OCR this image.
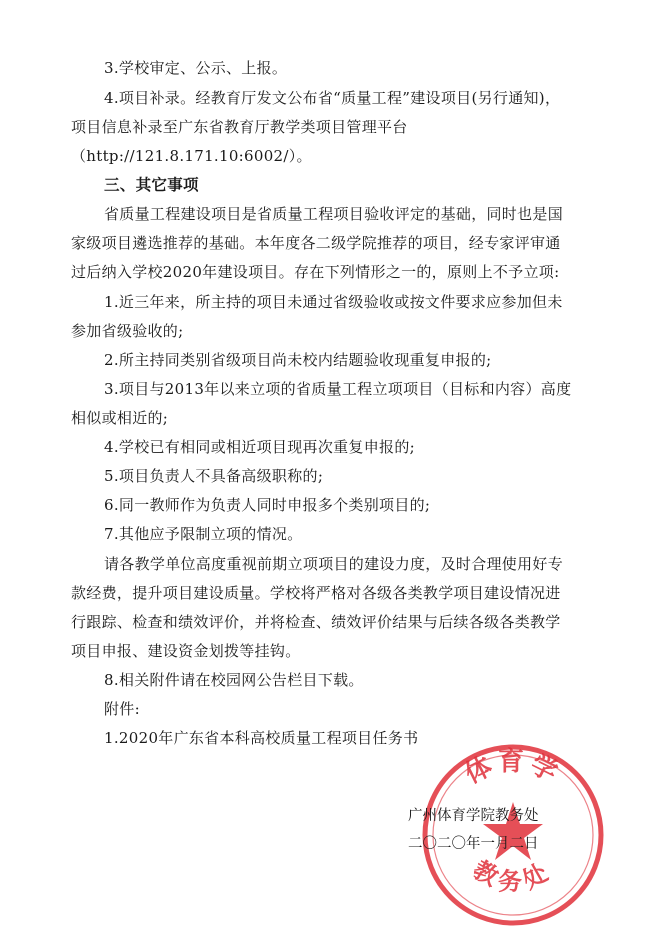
3.学校审定、公示、上报。
4.项目补录。经教育厅发文公布省“质量工程”建设项目(另行通知)，
项目信息补录至广东省教育厅教学类项目管理平台
（http://121.8.171.10:6002/）。
三、其它事项
省质量工程建设项目是省质量工程项目验收评定的基础，同时也是国
家级项目遴选推荐的基础。本年度各二级学院推荐的项目，经专家评审通
过后纳入学校2020年建设项目。存在下列情形之一的，原则上不予立项:
1.近三年来，所主持的项目未通过省级验收或按文件要求应参加但未
参加省级验收的;
2.所主持同类别省级项目尚未校内结题验收现重复申报的;
3.项目与2013年以来立项的省质量工程立项项目（目标和内容）高度
相似或相近的;
4.学校已有相同或相近项目现再次重复申报的;
5.项目负责人不具备高级职称的;
6.同一教师作为负责人同时申报多个类别项目的;
7.其他应予限制立项的情况。
请各教学单位高度重视前期立项项目的建设力度，及时合理使用好专
款经费，提升项目建设质量。学校将严格对各级各类教学项目建设情况进
行跟踪、检查和绩效评价，并将检查、绩效评价结果与后续各级各类教学
项目申报、建设资金划拨等挂钩。
8.相关附件请在校园网公告栏目下载。
附件:
1.2020年广东省本科高校质量工程项目任务书
体育学
教务处
广州体育学院教务处
二〇二〇年一月二日
